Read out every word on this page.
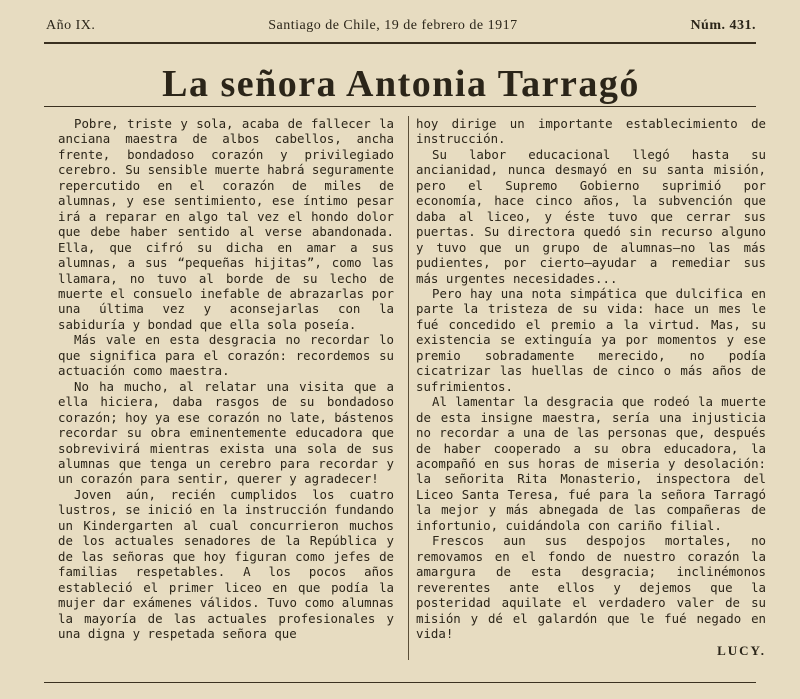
Año IX.	Santiago de Chile, 19 de febrero de 1917	Núm. 431.
La señora Antonia Tarragó

Pobre, triste y sola, acaba de fallecer la anciana maestra de albos cabellos, ancha frente, bondadoso corazón y privilegiado cerebro. Su sensible muerte habrá seguramente repercutido en el corazón de miles de alumnas, y ese sentimiento, ese íntimo pesar irá a reparar en algo tal vez el hondo dolor que debe haber sentido al verse abandonada. Ella, que cifró su dicha en amar a sus alumnas, a sus “pequeñas hijitas”, como las llamara, no tuvo al borde de su lecho de muerte el consuelo inefable de abrazarlas por una última vez y aconsejarlas con la sabiduría y bondad que ella sola poseía.

Más vale en esta desgracia no recordar lo que significa para el corazón: recordemos su actuación como maestra.

No ha mucho, al relatar una visita que a ella hiciera, daba rasgos de su bondadoso corazón; hoy ya ese corazón no late, bástenos recordar su obra eminentemente educadora que sobrevivirá mientras exista una sola de sus alumnas que tenga un cerebro para recordar y un corazón para sentir, querer y agradecer!

Joven aún, recién cumplidos los cuatro lustros, se inició en la instrucción fundando un Kindergarten al cual concurrieron muchos de los actuales senadores de la República y de las señoras que hoy figuran como jefes de familias respetables. A los pocos años estableció el primer liceo en que podía la mujer dar exámenes válidos. Tuvo como alumnas la mayoría de las actuales profesionales y una digna y respetada señora que

hoy dirige un importante establecimiento de instrucción.

Su labor educacional llegó hasta su ancianidad, nunca desmayó en su santa misión, pero el Supremo Gobierno suprimió por economía, hace cinco años, la subvención que daba al liceo, y éste tuvo que cerrar sus puertas. Su directora quedó sin recurso alguno y tuvo que un grupo de alumnas—no las más pudientes, por cierto—ayudar a remediar sus más urgentes necesidades...

Pero hay una nota simpática que dulcifica en parte la tristeza de su vida: hace un mes le fué concedido el premio a la virtud. Mas, su existencia se extinguía ya por momentos y ese premio sobradamente merecido, no podía cicatrizar las huellas de cinco o más años de sufrimientos.

Al lamentar la desgracia que rodeó la muerte de esta insigne maestra, sería una injusticia no recordar a una de las personas que, después de haber cooperado a su obra educadora, la acompañó en sus horas de miseria y desolación: la señorita Rita Monasterio, inspectora del Liceo Santa Teresa, fué para la señora Tarragó la mejor y más abnegada de las compañeras de infortunio, cuidándola con cariño filial.

Frescos aun sus despojos mortales, no removamos en el fondo de nuestro corazón la amargura de esta desgracia; inclinémonos reverentes ante ellos y dejemos que la posteridad aquilate el verdadero valer de su misión y dé el galardón que le fué negado en vida!

LUCY.
